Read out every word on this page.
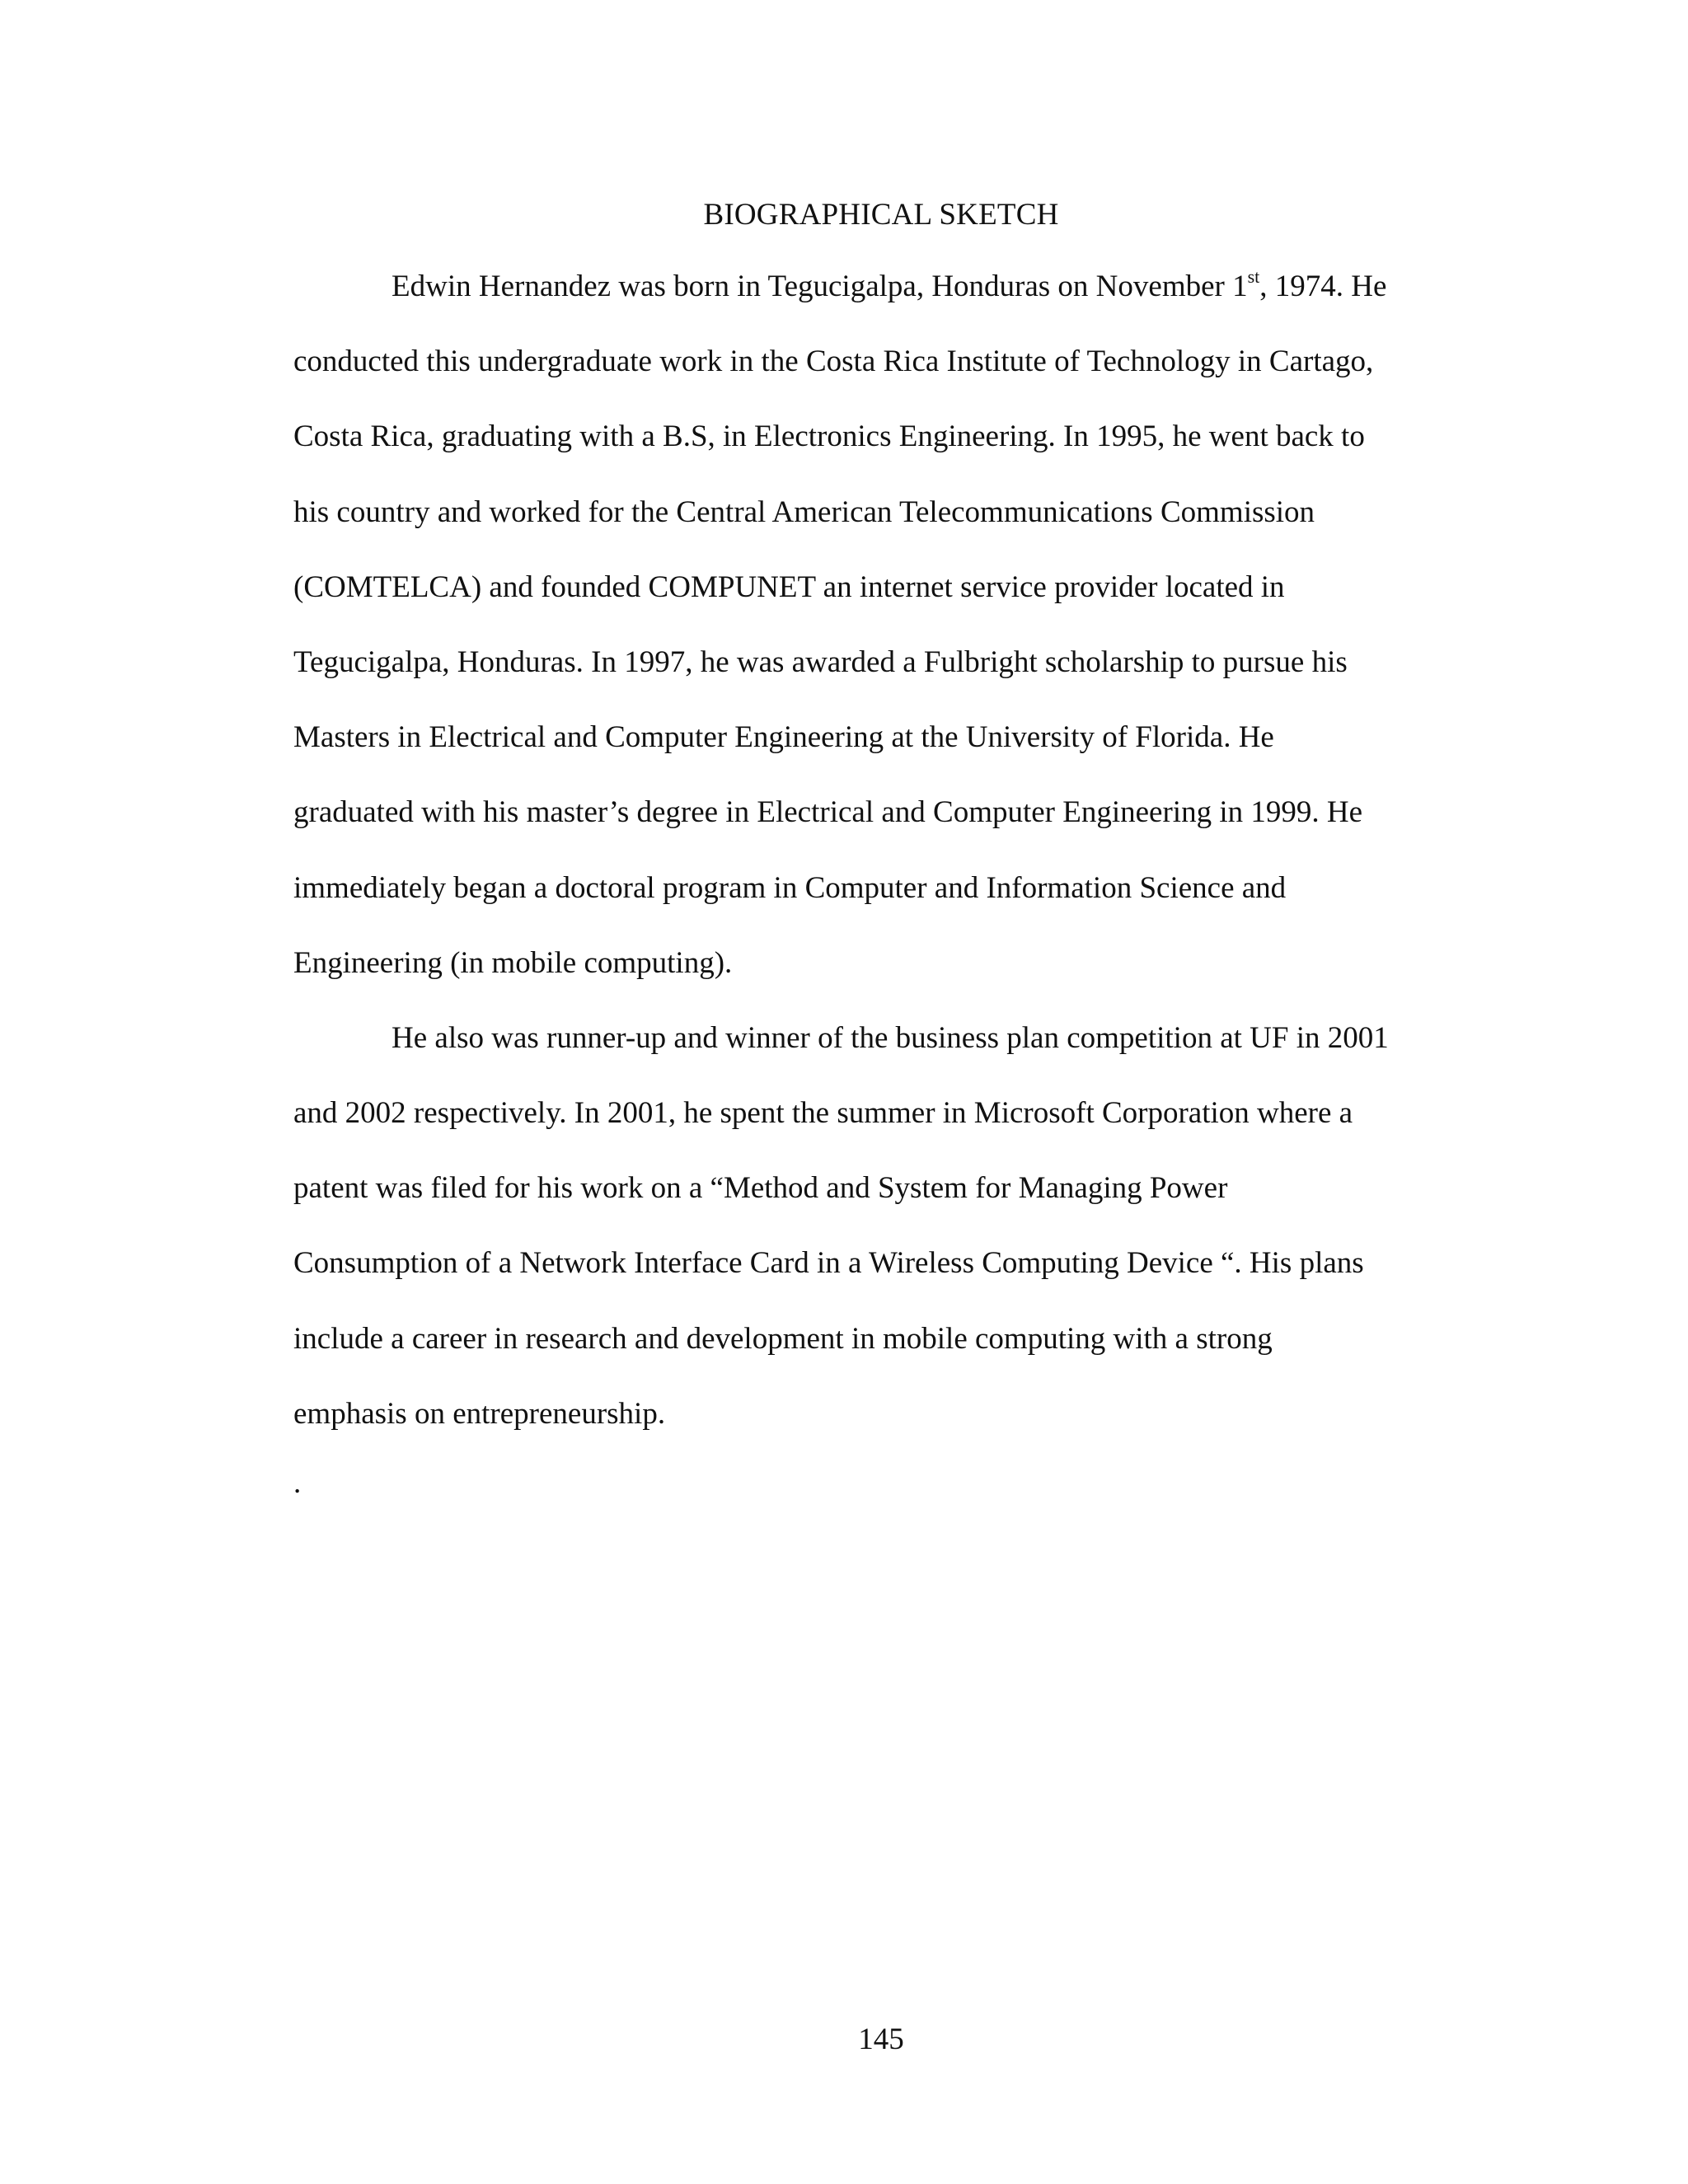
BIOGRAPHICAL SKETCH
Edwin Hernandez was born in Tegucigalpa, Honduras on November 1st, 1974. He
conducted this undergraduate work in the Costa Rica Institute of Technology in Cartago,
Costa Rica, graduating with a B.S, in Electronics Engineering. In 1995, he went back to
his country and worked for the Central American Telecommunications Commission
(COMTELCA) and founded COMPUNET an internet service provider located in
Tegucigalpa, Honduras. In 1997, he was awarded a Fulbright scholarship to pursue his
Masters in Electrical and Computer Engineering at the University of Florida. He
graduated with his master’s degree in Electrical and Computer Engineering in 1999. He
immediately began a doctoral program in Computer and Information Science and
Engineering (in mobile computing).
He also was runner-up and winner of the business plan competition at UF in 2001
and 2002 respectively. In 2001, he spent the summer in Microsoft Corporation where a
patent was filed for his work on a “Method and System for Managing Power
Consumption of a Network Interface Card in a Wireless Computing Device “. His plans
include a career in research and development in mobile computing with a strong
emphasis on entrepreneurship.
.
145
